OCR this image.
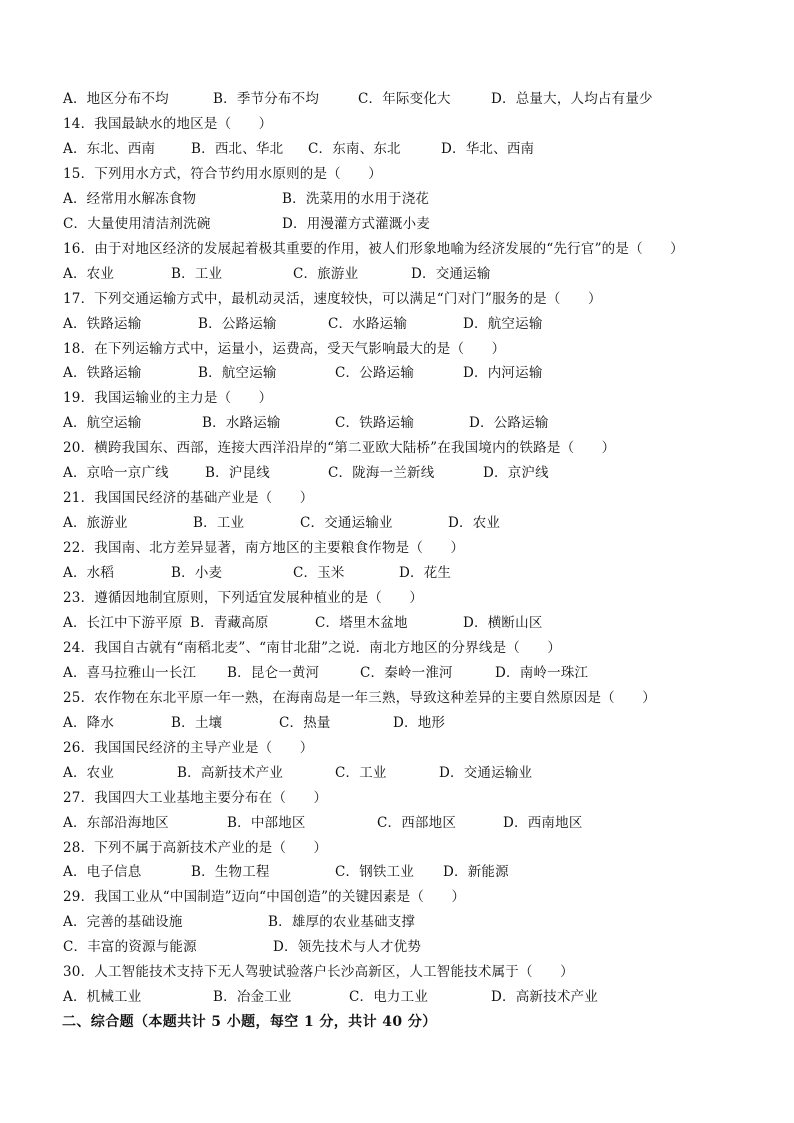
A．地区分布不均	B．季节分布不均	C．年际变化大	D．总量大，人均占有量少
14．我国最缺水的地区是（　　）
A．东北、西南	B．西北、华北 C．东南、东北	D．华北、西南
15．下列用水方式，符合节约用水原则的是（　　）
A．经常用水解冻食物	B．洗菜用的水用于浇花
C．大量使用清洁剂洗碗	D．用漫灌方式灌溉小麦
16．由于对地区经济的发展起着极其重要的作用，被人们形象地喻为经济发展的“先行官”的是（　　）
A．农业	B．工业	C．旅游业	D．交通运输
17．下列交通运输方式中，最机动灵活，速度较快，可以满足“门对门”服务的是（　　）
A．铁路运输	B．公路运输	C．水路运输	D．航空运输
18．在下列运输方式中，运量小，运费高，受天气影响最大的是（　　）
A．铁路运输	B．航空运输	C．公路运输	D．内河运输
19．我国运输业的主力是（　　）
A．航空运输	B．水路运输	C．铁路运输	D．公路运输
20．横跨我国东、西部，连接大西洋沿岸的“第二亚欧大陆桥”在我国境内的铁路是（　　）
A．京哈一京广线	B．沪昆线	C．陇海一兰新线	D．京沪线
21．我国国民经济的基础产业是（　　）
A．旅游业	B．工业	C．交通运输业	D．农业
22．我国南、北方差异显著，南方地区的主要粮食作物是（　　）
A．水稻	B．小麦	C．玉米	D．花生
23．遵循因地制宜原则，下列适宜发展种植业的是（　　）
A．长江中下游平原 B．青藏高原	C．塔里木盆地	D．横断山区
24．我国自古就有“南稻北麦”、“南甘北甜”之说．南北方地区的分界线是（　　）
A．喜马拉雅山一长江 B．昆仑一黄河	C．秦岭一淮河	D．南岭一珠江
25．农作物在东北平原一年一熟，在海南岛是一年三熟，导致这种差异的主要自然原因是（　　）
A．降水	B．土壤	C．热量	D．地形
26．我国国民经济的主导产业是（　　）
A．农业	B．高新技术产业	C．工业	D．交通运输业
27．我国四大工业基地主要分布在（　　）
A．东部沿海地区	B．中部地区	C．西部地区	D．西南地区
28．下列不属于高新技术产业的是（　　）
A．电子信息	B．生物工程	C．钢铁工业 D．新能源
29．我国工业从“中国制造”迈向“中国创造”的关键因素是（　　）
A．完善的基础设施	B．雄厚的农业基础支撑
C．丰富的资源与能源	D．领先技术与人才优势
30．人工智能技术支持下无人驾驶试验落户长沙高新区，人工智能技术属于（　　）
A．机械工业	B．冶金工业	C．电力工业	D．高新技术产业
二、综合题（本题共计 5 小题，每空 1 分，共计 40 分）
